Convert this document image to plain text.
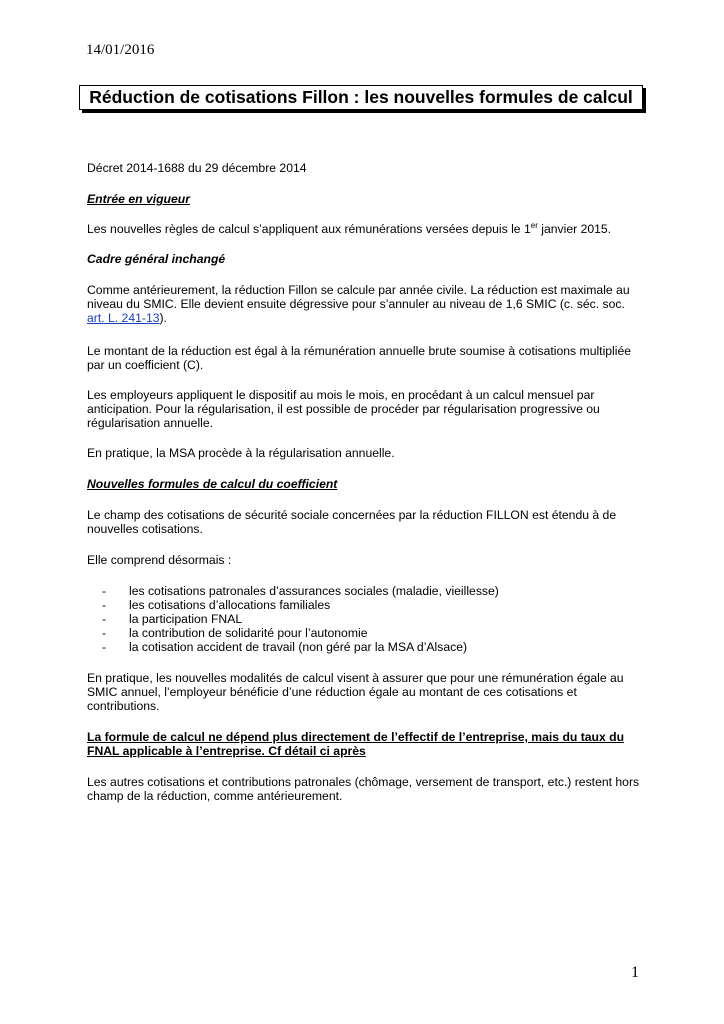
14/01/2016
Réduction de cotisations Fillon : les nouvelles formules de calcul
Décret 2014-1688 du 29 décembre 2014
Entrée en vigueur
Les nouvelles règles de calcul s’appliquent aux rémunérations versées depuis le 1er janvier 2015.
Cadre général inchangé
Comme antérieurement, la réduction Fillon se calcule par année civile. La réduction est maximale au niveau du SMIC. Elle devient ensuite dégressive pour s’annuler au niveau de 1,6 SMIC (c. séc. soc. art. L. 241-13).
Le montant de la réduction est égal à la rémunération annuelle brute soumise à cotisations multipliée par un coefficient (C).
Les employeurs appliquent le dispositif au mois le mois, en procédant à un calcul mensuel par anticipation. Pour la régularisation, il est possible de procéder par régularisation progressive ou régularisation annuelle.
En pratique, la MSA procède à la régularisation annuelle.
Nouvelles formules de calcul du coefficient
Le champ des cotisations de sécurité sociale concernées par la réduction FILLON est étendu à de nouvelles cotisations.
Elle comprend désormais :
- les cotisations patronales d’assurances sociales (maladie, vieillesse)
- les cotisations d’allocations familiales
- la participation FNAL
- la contribution de solidarité pour l’autonomie
- la cotisation accident de travail (non géré par la MSA d’Alsace)
En pratique, les nouvelles modalités de calcul visent à assurer que pour une rémunération égale au SMIC annuel, l’employeur bénéficie d’une réduction égale au montant de ces cotisations et contributions.
La formule de calcul ne dépend plus directement de l’effectif de l’entreprise, mais du taux du FNAL applicable à l’entreprise. Cf détail ci après
Les autres cotisations et contributions patronales (chômage, versement de transport, etc.) restent hors champ de la réduction, comme antérieurement.
1
